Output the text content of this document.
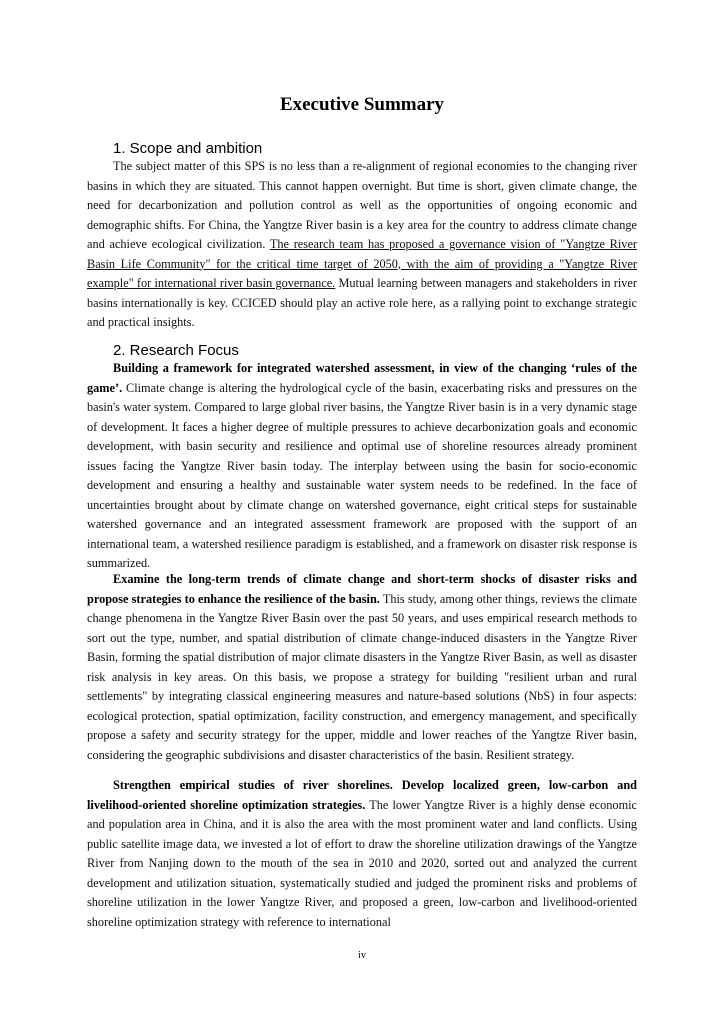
Executive Summary
1. Scope and ambition

The subject matter of this SPS is no less than a re-alignment of regional economies to the changing river basins in which they are situated. This cannot happen overnight. But time is short, given climate change, the need for decarbonization and pollution control as well as the opportunities of ongoing economic and demographic shifts. For China, the Yangtze River basin is a key area for the country to address climate change and achieve ecological civilization. The research team has proposed a governance vision of "Yangtze River Basin Life Community" for the critical time target of 2050, with the aim of providing a "Yangtze River example" for international river basin governance. Mutual learning between managers and stakeholders in river basins internationally is key. CCICED should play an active role here, as a rallying point to exchange strategic and practical insights.

2. Research Focus

Building a framework for integrated watershed assessment, in view of the changing ‘rules of the game’. Climate change is altering the hydrological cycle of the basin, exacerbating risks and pressures on the basin's water system. Compared to large global river basins, the Yangtze River basin is in a very dynamic stage of development. It faces a higher degree of multiple pressures to achieve decarbonization goals and economic development, with basin security and resilience and optimal use of shoreline resources already prominent issues facing the Yangtze River basin today. The interplay between using the basin for socio-economic development and ensuring a healthy and sustainable water system needs to be redefined. In the face of uncertainties brought about by climate change on watershed governance, eight critical steps for sustainable watershed governance and an integrated assessment framework are proposed with the support of an international team, a watershed resilience paradigm is established, and a framework on disaster risk response is summarized.

Examine the long-term trends of climate change and short-term shocks of disaster risks and propose strategies to enhance the resilience of the basin. This study, among other things, reviews the climate change phenomena in the Yangtze River Basin over the past 50 years, and uses empirical research methods to sort out the type, number, and spatial distribution of climate change-induced disasters in the Yangtze River Basin, forming the spatial distribution of major climate disasters in the Yangtze River Basin, as well as disaster risk analysis in key areas. On this basis, we propose a strategy for building "resilient urban and rural settlements" by integrating classical engineering measures and nature-based solutions (NbS) in four aspects: ecological protection, spatial optimization, facility construction, and emergency management, and specifically propose a safety and security strategy for the upper, middle and lower reaches of the Yangtze River basin, considering the geographic subdivisions and disaster characteristics of the basin. Resilient strategy.

Strengthen empirical studies of river shorelines. Develop localized green, low-carbon and livelihood-oriented shoreline optimization strategies. The lower Yangtze River is a highly dense economic and population area in China, and it is also the area with the most prominent water and land conflicts. Using public satellite image data, we invested a lot of effort to draw the shoreline utilization drawings of the Yangtze River from Nanjing down to the mouth of the sea in 2010 and 2020, sorted out and analyzed the current development and utilization situation, systematically studied and judged the prominent risks and problems of shoreline utilization in the lower Yangtze River, and proposed a green, low-carbon and livelihood-oriented shoreline optimization strategy with reference to international

iv
